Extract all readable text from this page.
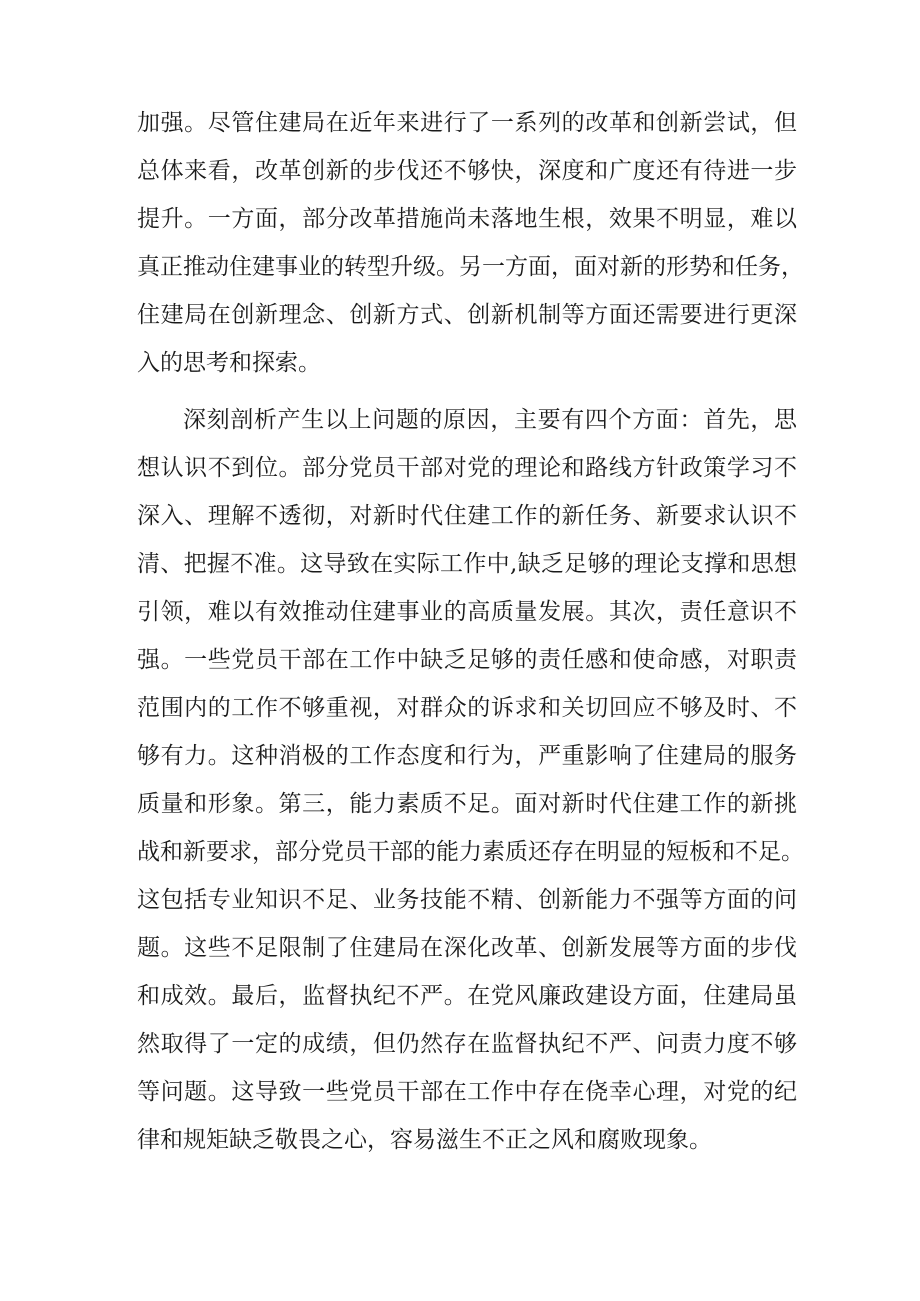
加强。尽管住建局在近年来进行了一系列的改革和创新尝试，但
总体来看，改革创新的步伐还不够快，深度和广度还有待进一步
提升。一方面，部分改革措施尚未落地生根，效果不明显，难以
真正推动住建事业的转型升级。另一方面，面对新的形势和任务，
住建局在创新理念、创新方式、创新机制等方面还需要进行更深
入的思考和探索。
深刻剖析产生以上问题的原因，主要有四个方面：首先，思
想认识不到位。部分党员干部对党的理论和路线方针政策学习不
深入、理解不透彻，对新时代住建工作的新任务、新要求认识不
清、把握不准。这导致在实际工作中,缺乏足够的理论支撑和思想
引领，难以有效推动住建事业的高质量发展。其次，责任意识不
强。一些党员干部在工作中缺乏足够的责任感和使命感，对职责
范围内的工作不够重视，对群众的诉求和关切回应不够及时、不
够有力。这种消极的工作态度和行为，严重影响了住建局的服务
质量和形象。第三，能力素质不足。面对新时代住建工作的新挑
战和新要求，部分党员干部的能力素质还存在明显的短板和不足。
这包括专业知识不足、业务技能不精、创新能力不强等方面的问
题。这些不足限制了住建局在深化改革、创新发展等方面的步伐
和成效。最后，监督执纪不严。在党风廉政建设方面，住建局虽
然取得了一定的成绩，但仍然存在监督执纪不严、问责力度不够
等问题。这导致一些党员干部在工作中存在侥幸心理，对党的纪
律和规矩缺乏敬畏之心，容易滋生不正之风和腐败现象。
